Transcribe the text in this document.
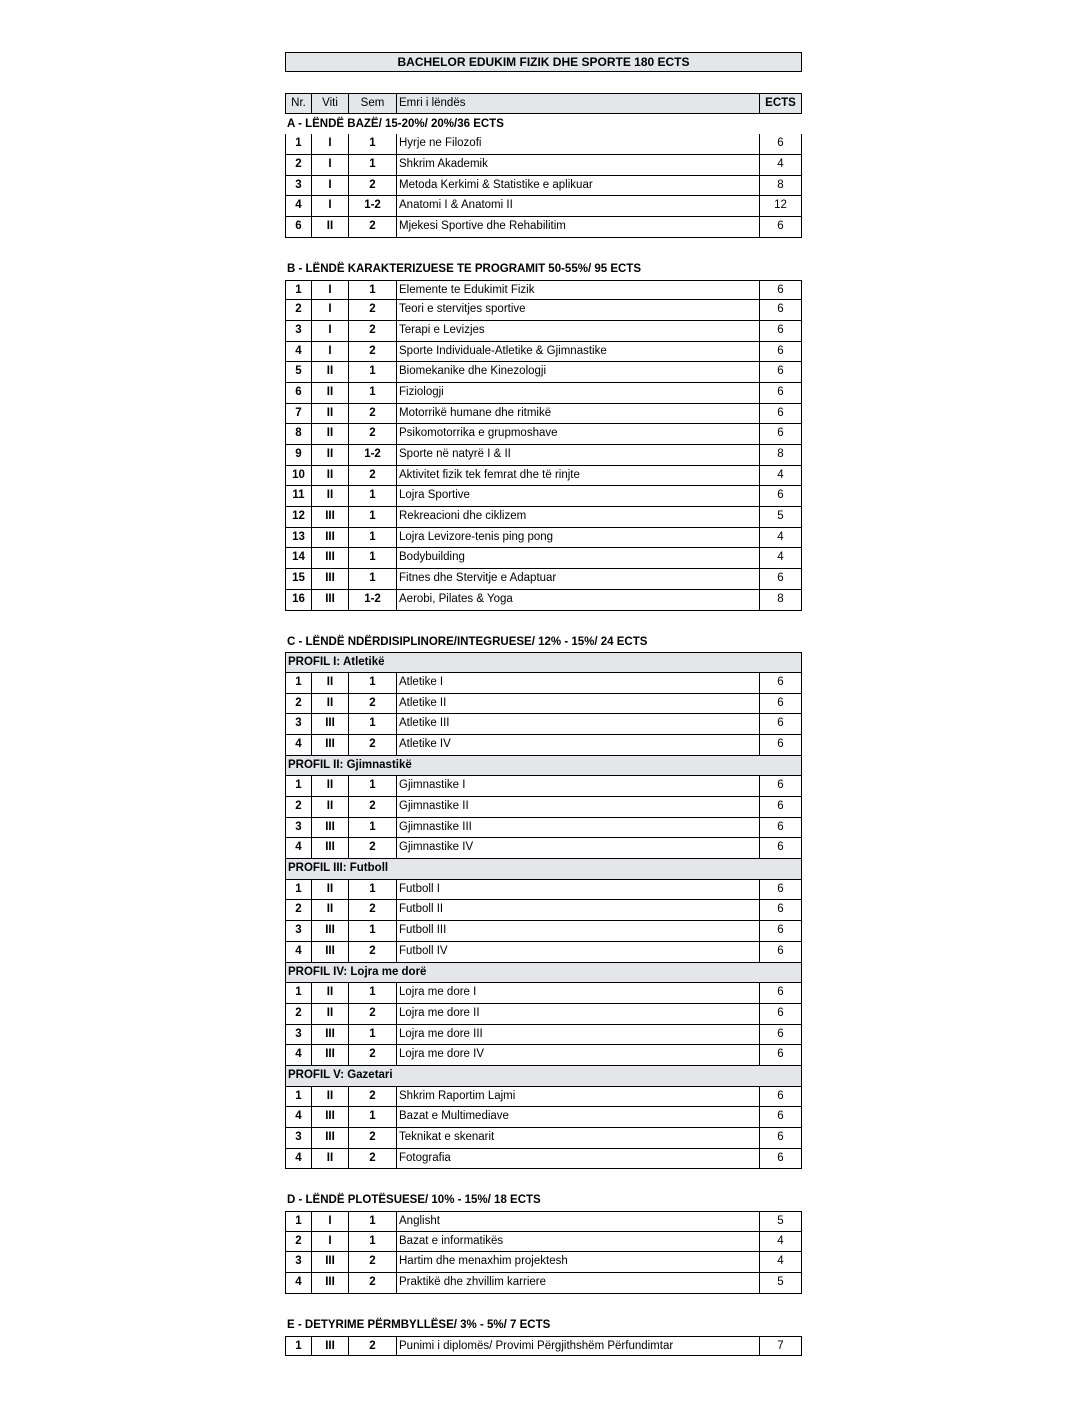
BACHELOR EDUKIM FIZIK DHE SPORTE 180 ECTS
Nr.	Viti	Sem	Emri i lëndës	ECTS
A - LËNDË BAZË/ 15-20%/ 20%/36 ECTS
1	I	1	Hyrje ne Filozofi	6
2	I	1	Shkrim Akademik	4
3	I	2	Metoda Kerkimi & Statistike e aplikuar	8
4	I	1-2	Anatomi I & Anatomi II	12
6	II	2	Mjekesi Sportive dhe Rehabilitim	6
B - LËNDË KARAKTERIZUESE TE PROGRAMIT 50-55%/ 95 ECTS
1	I	1	Elemente te Edukimit Fizik	6
2	I	2	Teori e stervitjes sportive	6
3	I	2	Terapi e Levizjes	6
4	I	2	Sporte Individuale-Atletike & Gjimnastike	6
5	II	1	Biomekanike dhe Kinezologji	6
6	II	1	Fiziologji	6
7	II	2	Motorrikë humane dhe ritmikë	6
8	II	2	Psikomotorrika e grupmoshave	6
9	II	1-2	Sporte në natyrë I & II	8
10	II	2	Aktivitet fizik tek femrat dhe të rinjte	4
11	II	1	Lojra Sportive	6
12	III	1	Rekreacioni dhe ciklizem	5
13	III	1	Lojra Levizore-tenis ping pong	4
14	III	1	Bodybuilding	4
15	III	1	Fitnes dhe Stervitje e Adaptuar	6
16	III	1-2	Aerobi, Pilates & Yoga	8
C - LËNDË NDËRDISIPLINORE/INTEGRUESE/ 12% - 15%/ 24 ECTS
PROFIL I: Atletikë
1	II	1	Atletike I	6
2	II	2	Atletike II	6
3	III	1	Atletike III	6
4	III	2	Atletike IV	6
PROFIL II: Gjimnastikë
1	II	1	Gjimnastike I	6
2	II	2	Gjimnastike II	6
3	III	1	Gjimnastike III	6
4	III	2	Gjimnastike IV	6
PROFIL III: Futboll
1	II	1	Futboll I	6
2	II	2	Futboll II	6
3	III	1	Futboll III	6
4	III	2	Futboll IV	6
PROFIL IV: Lojra me dorë
1	II	1	Lojra me dore I	6
2	II	2	Lojra me dore II	6
3	III	1	Lojra me dore III	6
4	III	2	Lojra me dore IV	6
PROFIL V: Gazetari
1	II	2	Shkrim Raportim Lajmi	6
4	III	1	Bazat e Multimediave	6
3	III	2	Teknikat e skenarit	6
4	II	2	Fotografia	6
D - LËNDË PLOTËSUESE/ 10% - 15%/ 18 ECTS
1	I	1	Anglisht	5
2	I	1	Bazat e informatikës	4
3	III	2	Hartim dhe menaxhim projektesh	4
4	III	2	Praktikë dhe zhvillim karriere	5
E - DETYRIME PËRMBYLLËSE/ 3% - 5%/ 7 ECTS
1	III	2	Punimi i diplomës/ Provimi Përgjithshëm Përfundimtar	7
